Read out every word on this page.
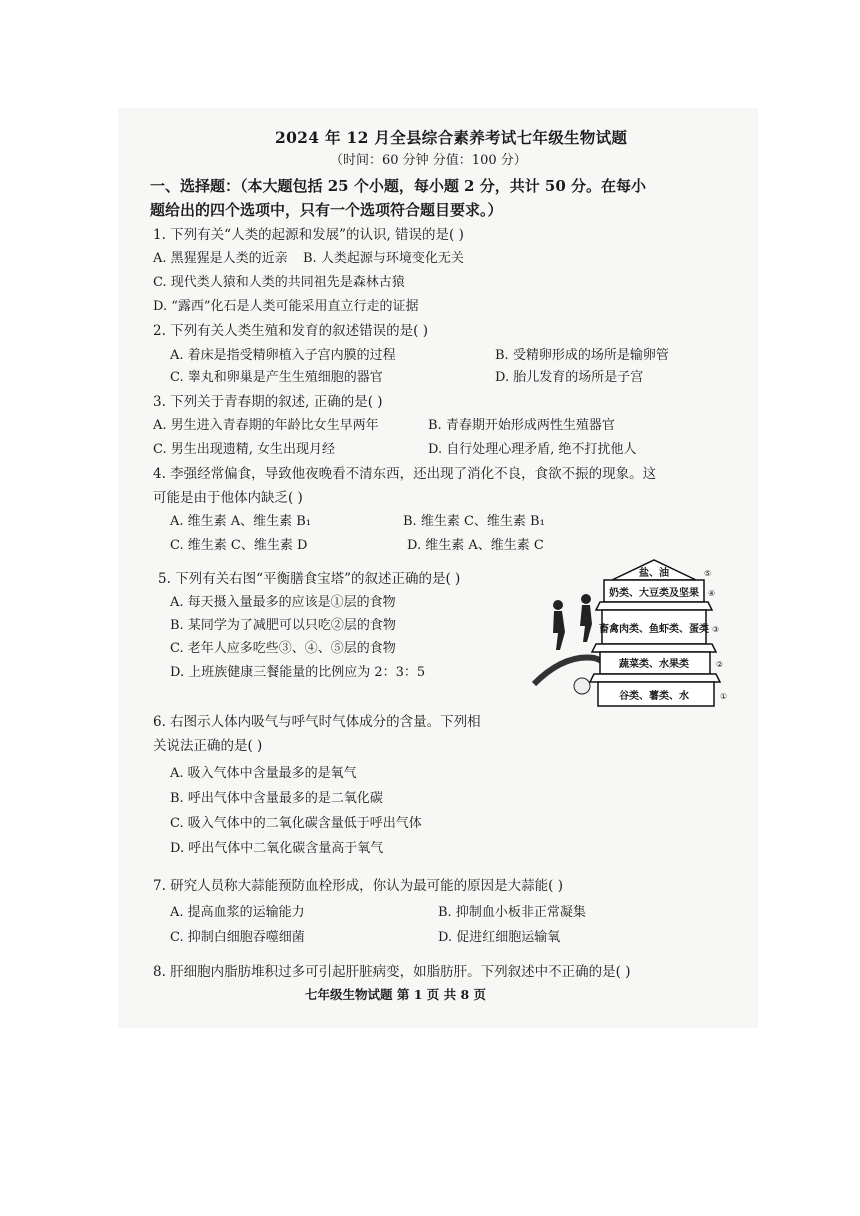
2024 年 12 月全县综合素养考试七年级生物试题
（时间：60 分钟 分值：100 分）
一、选择题：（本大题包括 25 个小题，每小题 2 分，共计 50 分。在每小
题给出的四个选项中，只有一个选项符合题目要求。）
1. 下列有关“人类的起源和发展”的认识, 错误的是( )
A. 黑猩猩是人类的近亲 B. 人类起源与环境变化无关
C. 现代类人猿和人类的共同祖先是森林古猿
D. “露西”化石是人类可能采用直立行走的证据
2. 下列有关人类生殖和发育的叙述错误的是( )
A. 着床是指受精卵植入子宫内膜的过程	B. 受精卵形成的场所是输卵管
C. 睾丸和卵巢是产生生殖细胞的器官	D. 胎儿发育的场所是子宫
3. 下列关于青春期的叙述, 正确的是( )
A. 男生进入青春期的年龄比女生早两年	B. 青春期开始形成两性生殖器官
C. 男生出现遗精, 女生出现月经	D. 自行处理心理矛盾, 绝不打扰他人
4. 李强经常偏食，导致他夜晚看不清东西，还出现了消化不良，食欲不振的现象。这
可能是由于他体内缺乏( )
A. 维生素 A、维生素 B₁	B. 维生素 C、维生素 B₁
C. 维生素 C、维生素 D	D. 维生素 A、维生素 C
5. 下列有关右图“平衡膳食宝塔”的叙述正确的是( )
A. 每天摄入量最多的应该是①层的食物
B. 某同学为了减肥可以只吃②层的食物
C. 老年人应多吃些③、④、⑤层的食物
D. 上班族健康三餐能量的比例应为 2：3：5
盐、油
奶类、大豆类及坚果
畜禽肉类、鱼虾类、蛋类
蔬菜类、水果类
谷类、薯类、水
⑤
④
③
②
①
6. 右图示人体内吸气与呼气时气体成分的含量。下列相
关说法正确的是( )
A. 吸入气体中含量最多的是氧气
B. 呼出气体中含量最多的是二氧化碳
C. 吸入气体中的二氧化碳含量低于呼出气体
D. 呼出气体中二氧化碳含量高于氧气
7. 研究人员称大蒜能预防血栓形成，你认为最可能的原因是大蒜能( )
A. 提高血浆的运输能力	B. 抑制血小板非正常凝集
C. 抑制白细胞吞噬细菌	D. 促进红细胞运输氧
8. 肝细胞内脂肪堆积过多可引起肝脏病变，如脂肪肝。下列叙述中不正确的是( )
七年级生物试题 第 1 页 共 8 页
